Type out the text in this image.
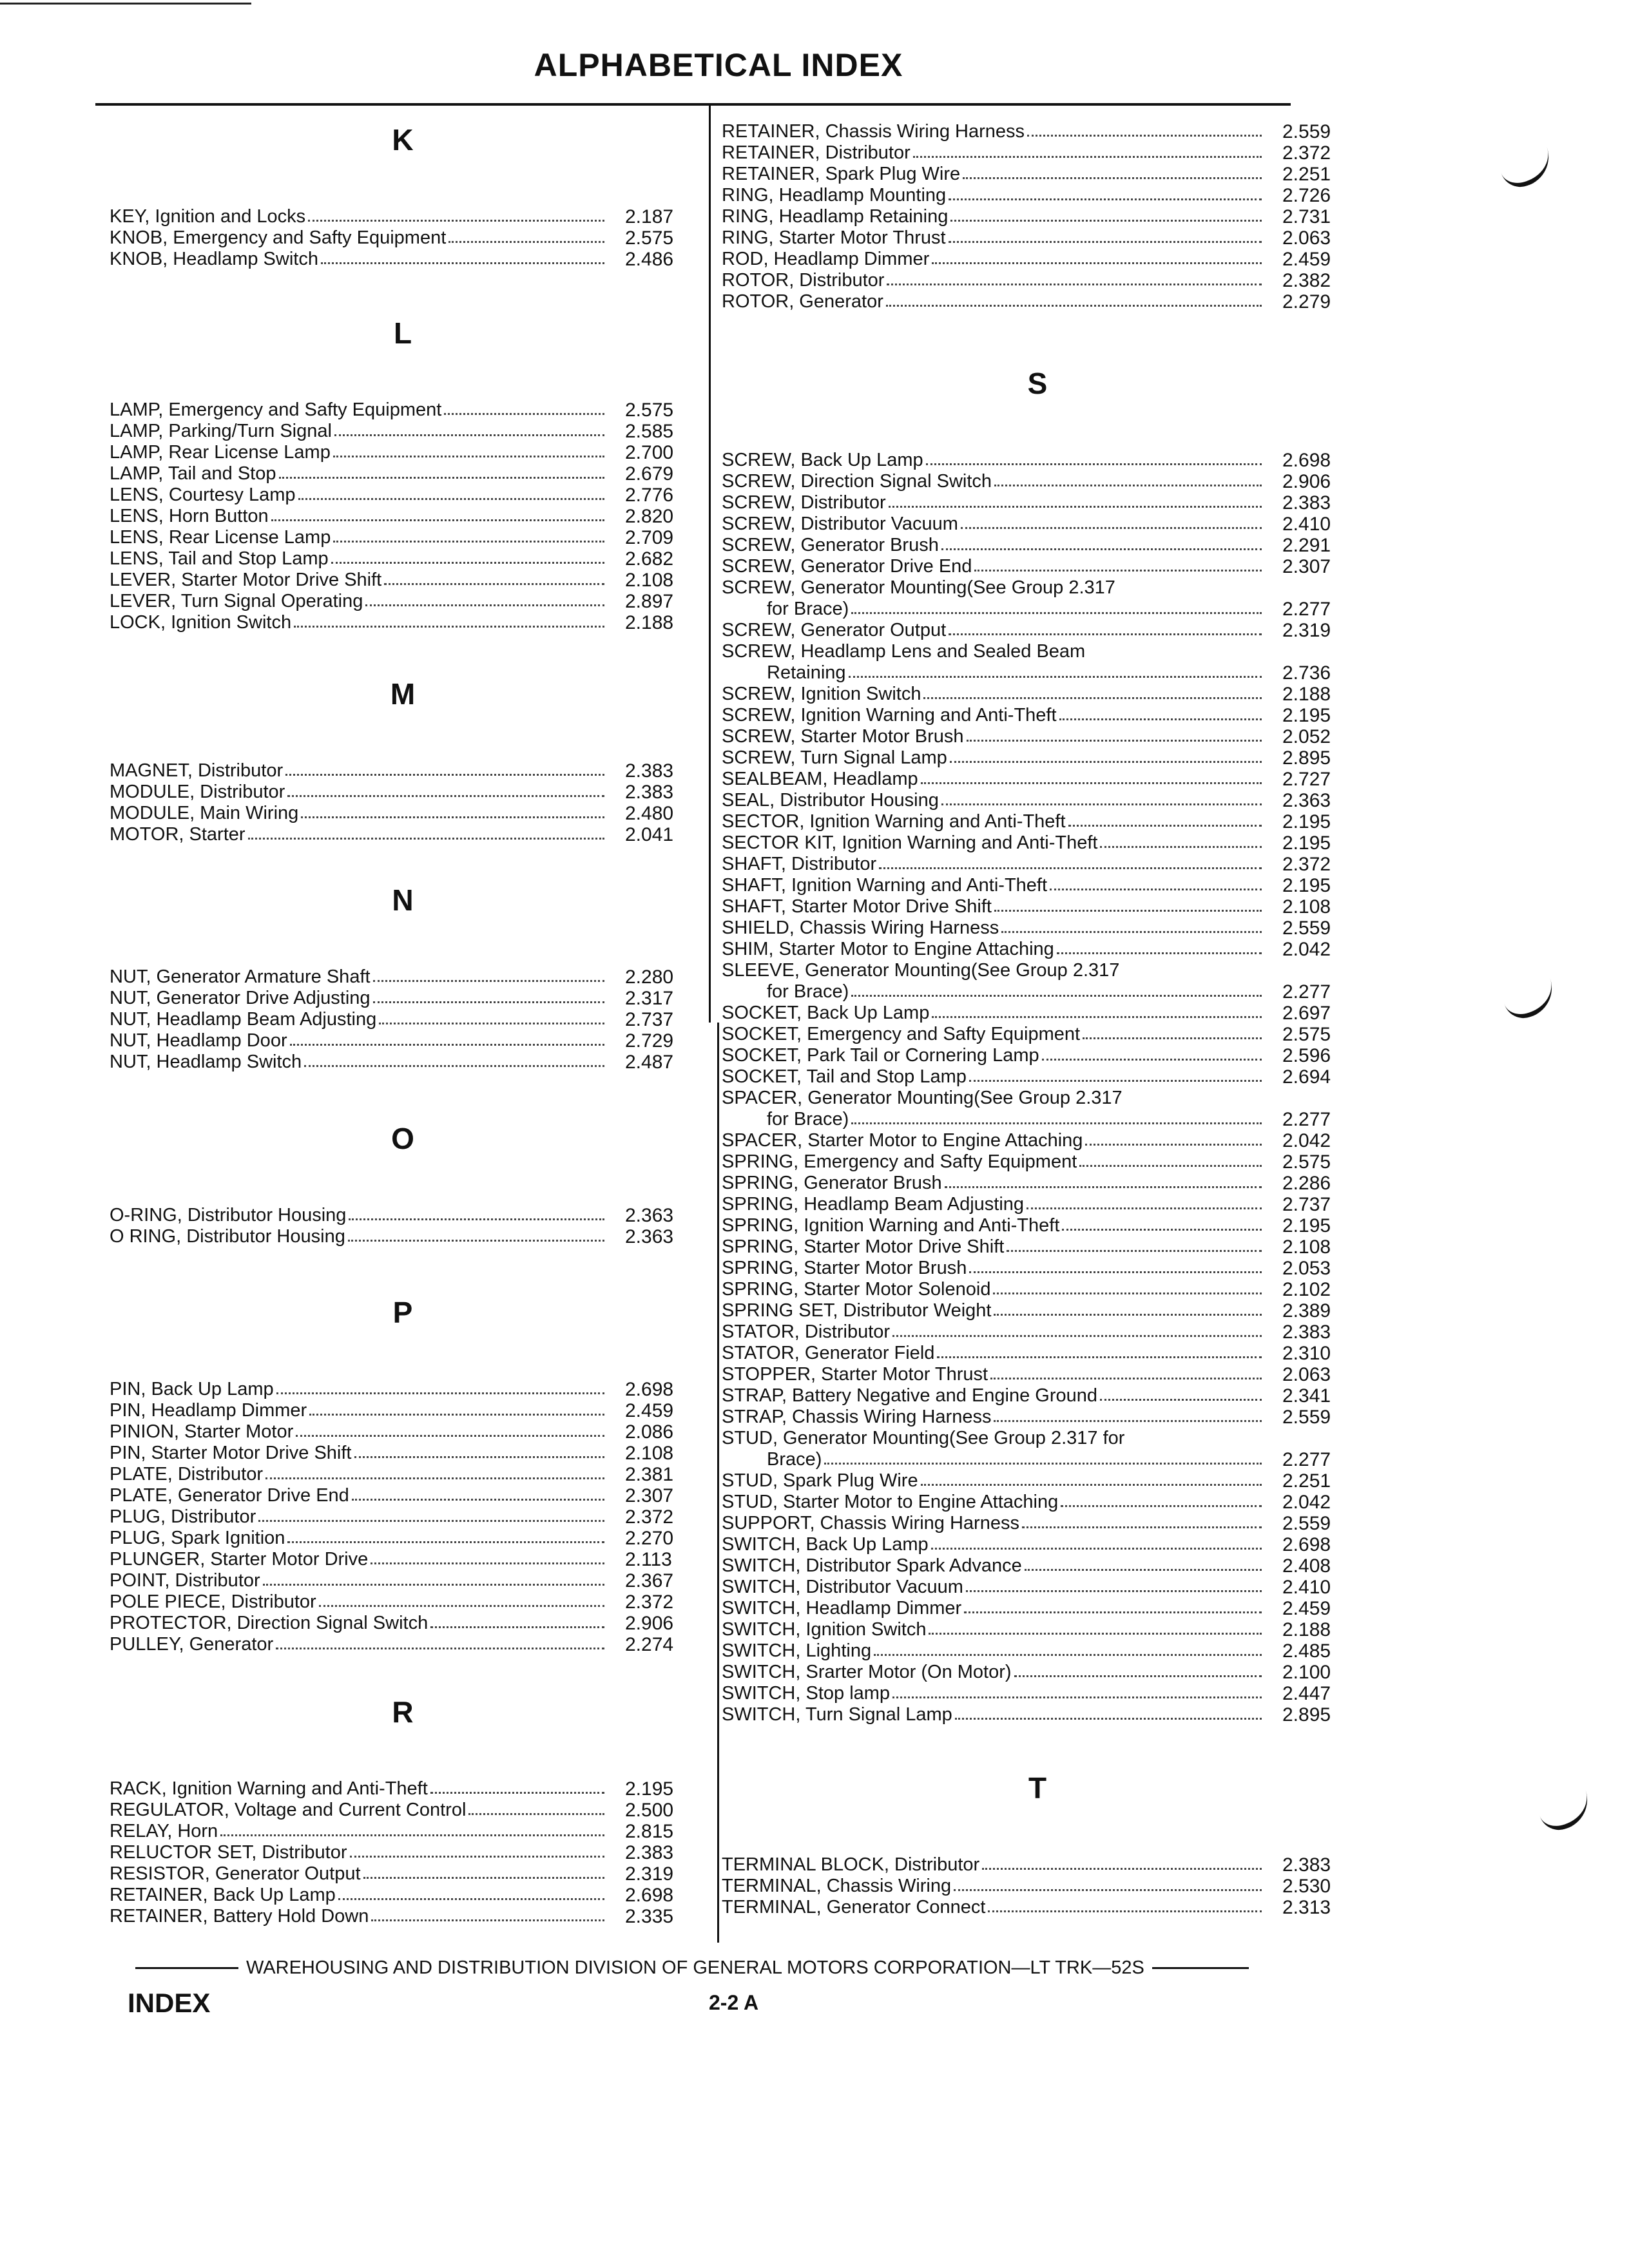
ALPHABETICAL INDEX
K
KEY, Ignition and Locks	2.187
KNOB, Emergency and Safty Equipment	2.575
KNOB, Headlamp Switch	2.486
L
LAMP, Emergency and Safty Equipment	2.575
LAMP, Parking/Turn Signal	2.585
LAMP, Rear License Lamp	2.700
LAMP, Tail and Stop	2.679
LENS, Courtesy Lamp	2.776
LENS, Horn Button	2.820
LENS, Rear License Lamp	2.709
LENS, Tail and Stop Lamp	2.682
LEVER, Starter Motor Drive Shift	2.108
LEVER, Turn Signal Operating	2.897
LOCK, Ignition Switch	2.188
M
MAGNET, Distributor	2.383
MODULE, Distributor	2.383
MODULE, Main Wiring	2.480
MOTOR, Starter	2.041
N
NUT, Generator Armature Shaft	2.280
NUT, Generator Drive Adjusting	2.317
NUT, Headlamp Beam Adjusting	2.737
NUT, Headlamp Door	2.729
NUT, Headlamp Switch	2.487
O
O-RING, Distributor Housing	2.363
O RING, Distributor Housing	2.363
P
PIN, Back Up Lamp	2.698
PIN, Headlamp Dimmer	2.459
PINION, Starter Motor	2.086
PIN, Starter Motor Drive Shift	2.108
PLATE, Distributor	2.381
PLATE, Generator Drive End	2.307
PLUG, Distributor	2.372
PLUG, Spark Ignition	2.270
PLUNGER, Starter Motor Drive	2.113
POINT, Distributor	2.367
POLE PIECE, Distributor	2.372
PROTECTOR, Direction Signal Switch	2.906
PULLEY, Generator	2.274
R
RACK, Ignition Warning and Anti-Theft	2.195
REGULATOR, Voltage and Current Control	2.500
RELAY, Horn	2.815
RELUCTOR SET, Distributor	2.383
RESISTOR, Generator Output	2.319
RETAINER, Back Up Lamp	2.698
RETAINER, Battery Hold Down	2.335
RETAINER, Chassis Wiring Harness	2.559
RETAINER, Distributor	2.372
RETAINER, Spark Plug Wire	2.251
RING, Headlamp Mounting	2.726
RING, Headlamp Retaining	2.731
RING, Starter Motor Thrust	2.063
ROD, Headlamp Dimmer	2.459
ROTOR, Distributor	2.382
ROTOR, Generator	2.279
S
SCREW, Back Up Lamp	2.698
SCREW, Direction Signal Switch	2.906
SCREW, Distributor	2.383
SCREW, Distributor Vacuum	2.410
SCREW, Generator Brush	2.291
SCREW, Generator Drive End	2.307
SCREW, Generator Mounting(See Group 2.317
for Brace)	2.277
SCREW, Generator Output	2.319
SCREW, Headlamp Lens and Sealed Beam
Retaining	2.736
SCREW, Ignition Switch	2.188
SCREW, Ignition Warning and Anti-Theft	2.195
SCREW, Starter Motor Brush	2.052
SCREW, Turn Signal Lamp	2.895
SEALBEAM, Headlamp	2.727
SEAL, Distributor Housing	2.363
SECTOR, Ignition Warning and Anti-Theft	2.195
SECTOR KIT, Ignition Warning and Anti-Theft	2.195
SHAFT, Distributor	2.372
SHAFT, Ignition Warning and Anti-Theft	2.195
SHAFT, Starter Motor Drive Shift	2.108
SHIELD, Chassis Wiring Harness	2.559
SHIM, Starter Motor to Engine Attaching	2.042
SLEEVE, Generator Mounting(See Group 2.317
for Brace)	2.277
SOCKET, Back Up Lamp	2.697
SOCKET, Emergency and Safty Equipment	2.575
SOCKET, Park Tail or Cornering Lamp	2.596
SOCKET, Tail and Stop Lamp	2.694
SPACER, Generator Mounting(See Group 2.317
for Brace)	2.277
SPACER, Starter Motor to Engine Attaching	2.042
SPRING, Emergency and Safty Equipment	2.575
SPRING, Generator Brush	2.286
SPRING, Headlamp Beam Adjusting	2.737
SPRING, Ignition Warning and Anti-Theft	2.195
SPRING, Starter Motor Drive Shift	2.108
SPRING, Starter Motor Brush	2.053
SPRING, Starter Motor Solenoid	2.102
SPRING SET, Distributor Weight	2.389
STATOR, Distributor	2.383
STATOR, Generator Field	2.310
STOPPER, Starter Motor Thrust	2.063
STRAP, Battery Negative and Engine Ground	2.341
STRAP, Chassis Wiring Harness	2.559
STUD, Generator Mounting(See Group 2.317 for
Brace)	2.277
STUD, Spark Plug Wire	2.251
STUD, Starter Motor to Engine Attaching	2.042
SUPPORT, Chassis Wiring Harness	2.559
SWITCH, Back Up Lamp	2.698
SWITCH, Distributor Spark Advance	2.408
SWITCH, Distributor Vacuum	2.410
SWITCH, Headlamp Dimmer	2.459
SWITCH, Ignition Switch	2.188
SWITCH, Lighting	2.485
SWITCH, Srarter Motor (On Motor)	2.100
SWITCH, Stop lamp	2.447
SWITCH, Turn Signal Lamp	2.895
T
TERMINAL BLOCK, Distributor	2.383
TERMINAL, Chassis Wiring	2.530
TERMINAL, Generator Connect	2.313
WAREHOUSING AND DISTRIBUTION DIVISION OF GENERAL MOTORS CORPORATION—LT TRK—52S
INDEX	2-2 A
